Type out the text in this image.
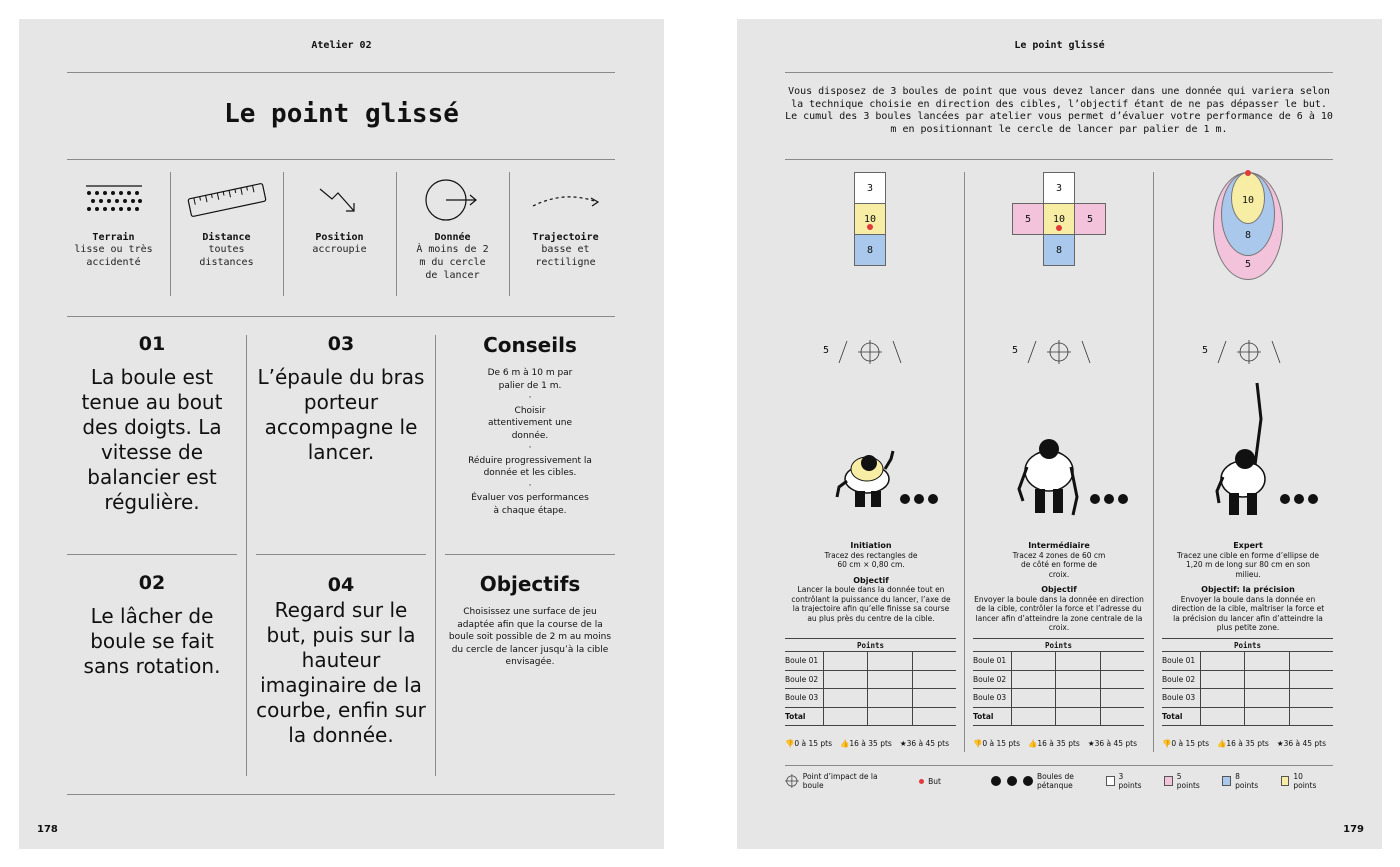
Atelier 02
Le point glissé
Terrain
lisse ou très accidenté
Distance
toutes distances
Position
accroupie
Donnée
À moins de 2 m du cercle de lancer
Trajectoire
basse et rectiligne
01
La boule est tenue au bout des doigts. La vitesse de balancier est régulière.
03
L’épaule du bras porteur accompagne le lancer.
Conseils
De 6 m à 10 m par palier de 1 m.
·
Choisir attentivement une donnée.
·
Réduire progressivement la donnée et les cibles.
·
Évaluer vos performances à chaque étape.
02
Le lâcher de boule se fait sans rotation.
04
Regard sur le but, puis sur la hauteur imaginaire de la courbe, enfin sur la donnée.
Objectifs
Choisissez une surface de jeu adaptée afin que la course de la boule soit possible de 2 m au moins du cercle de lancer jusqu’à la cible envisagée.
178
Le point glissé
Vous disposez de 3 boules de point que vous devez lancer dans une donnée qui variera selon la technique choisie en direction des cibles, l’objectif étant de ne pas dépasser le but. Le cumul des 3 boules lancées par atelier vous permet d’évaluer votre performance de 6 à 10 m en positionnant le cercle de lancer par palier de 1 m.
3
10
8
3
5	10	5
8
10
8
5
5	5	5
Initiation
Tracez des rectangles de 60 cm × 0,80 cm.
Objectif
Lancer la boule dans la donnée tout en contrôlant la puissance du lancer, l’axe de la trajectoire afin qu’elle finisse sa course au plus près du centre de la cible.
Intermédiaire
Tracez 4 zones de 60 cm de côté en forme de croix.
Objectif
Envoyer la boule dans la donnée en direction de la cible, contrôler la force et l’adresse du lancer afin d’atteindre la zone centrale de la croix.
Expert
Tracez une cible en forme d’ellipse de 1,20 m de long sur 80 cm en son milieu.
Objectif: la précision
Envoyer la boule dans la donnée en direction de la cible, maîtriser la force et la précision du lancer afin d’atteindre la plus petite zone.
Points
Boule 01
Boule 02
Boule 03
Total
Points
Boule 01
Boule 02
Boule 03
Total
Points
Boule 01
Boule 02
Boule 03
Total
👎0 à 15 pts 👍16 à 35 pts ★36 à 45 pts	👎0 à 15 pts 👍16 à 35 pts ★36 à 45 pts	👎0 à 15 pts 👍16 à 35 pts ★36 à 45 pts
Point d’impact de la boule	But	Boules de pétanque
3 points
5 points
8 points
10 points
179
